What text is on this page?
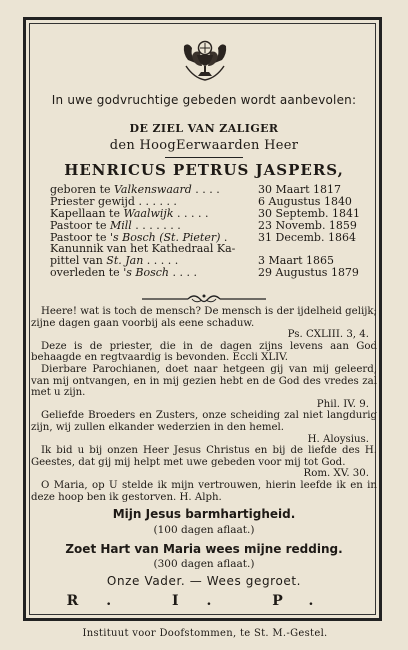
In uwe godvruchtige gebeden wordt aanbevolen:
DE ZIEL VAN ZALIGER
den HoogEerwaarden Heer
HENRICUS PETRUS JASPERS,
geboren te Valkenswaard . . . .	30 Maart 1817
Priester gewijd . . . . . .	6 Augustus 1840
Kapellaan te Waalwijk . . . . .	30 Septemb. 1841
Pastoor te Mill . . . . . . .	23 Novemb. 1859
Pastoor te 's Bosch (St. Pieter) .	31 Decemb. 1864
Kanunnik van het Kathedraal Ka-
pittel van St. Jan . . . . .	3 Maart 1865
overleden te 's Bosch . . . .	29 Augustus 1879

Heere! wat is toch de mensch? De mensch is der ijdelheid gelijk; zijne dagen gaan voorbij als eene schaduw.

Ps. CXLIII. 3, 4.

Deze is de priester, die in de dagen zijns levens aan God behaagde en regtvaardig is bevonden. Eccli XLIV.

Dierbare Parochianen, doet naar hetgeen gij van mij geleerd, van mij ontvangen, en in mij gezien hebt en de God des vredes zal met u zijn.

Phil. IV. 9.

Geliefde Broeders en Zusters, onze scheiding zal niet langdurig zijn, wij zullen elkander wederzien in den hemel.

H. Aloysius.

Ik bid u bij onzen Heer Jesus Christus en bij de liefde des H. Geestes, dat gij mij helpt met uwe gebeden voor mij tot God.

Rom. XV. 30.

O Maria, op U stelde ik mijn vertrouwen, hierin leefde ik en in deze hoop ben ik gestorven. H. Alph.

Mijn Jesus barmhartigheid.
(100 dagen aflaat.)
Zoet Hart van Maria wees mijne redding.
(300 dagen aflaat.)
Onze Vader. — Wees gegroet.
R. I. P.
Instituut voor Doofstommen, te St. M.-Gestel.
